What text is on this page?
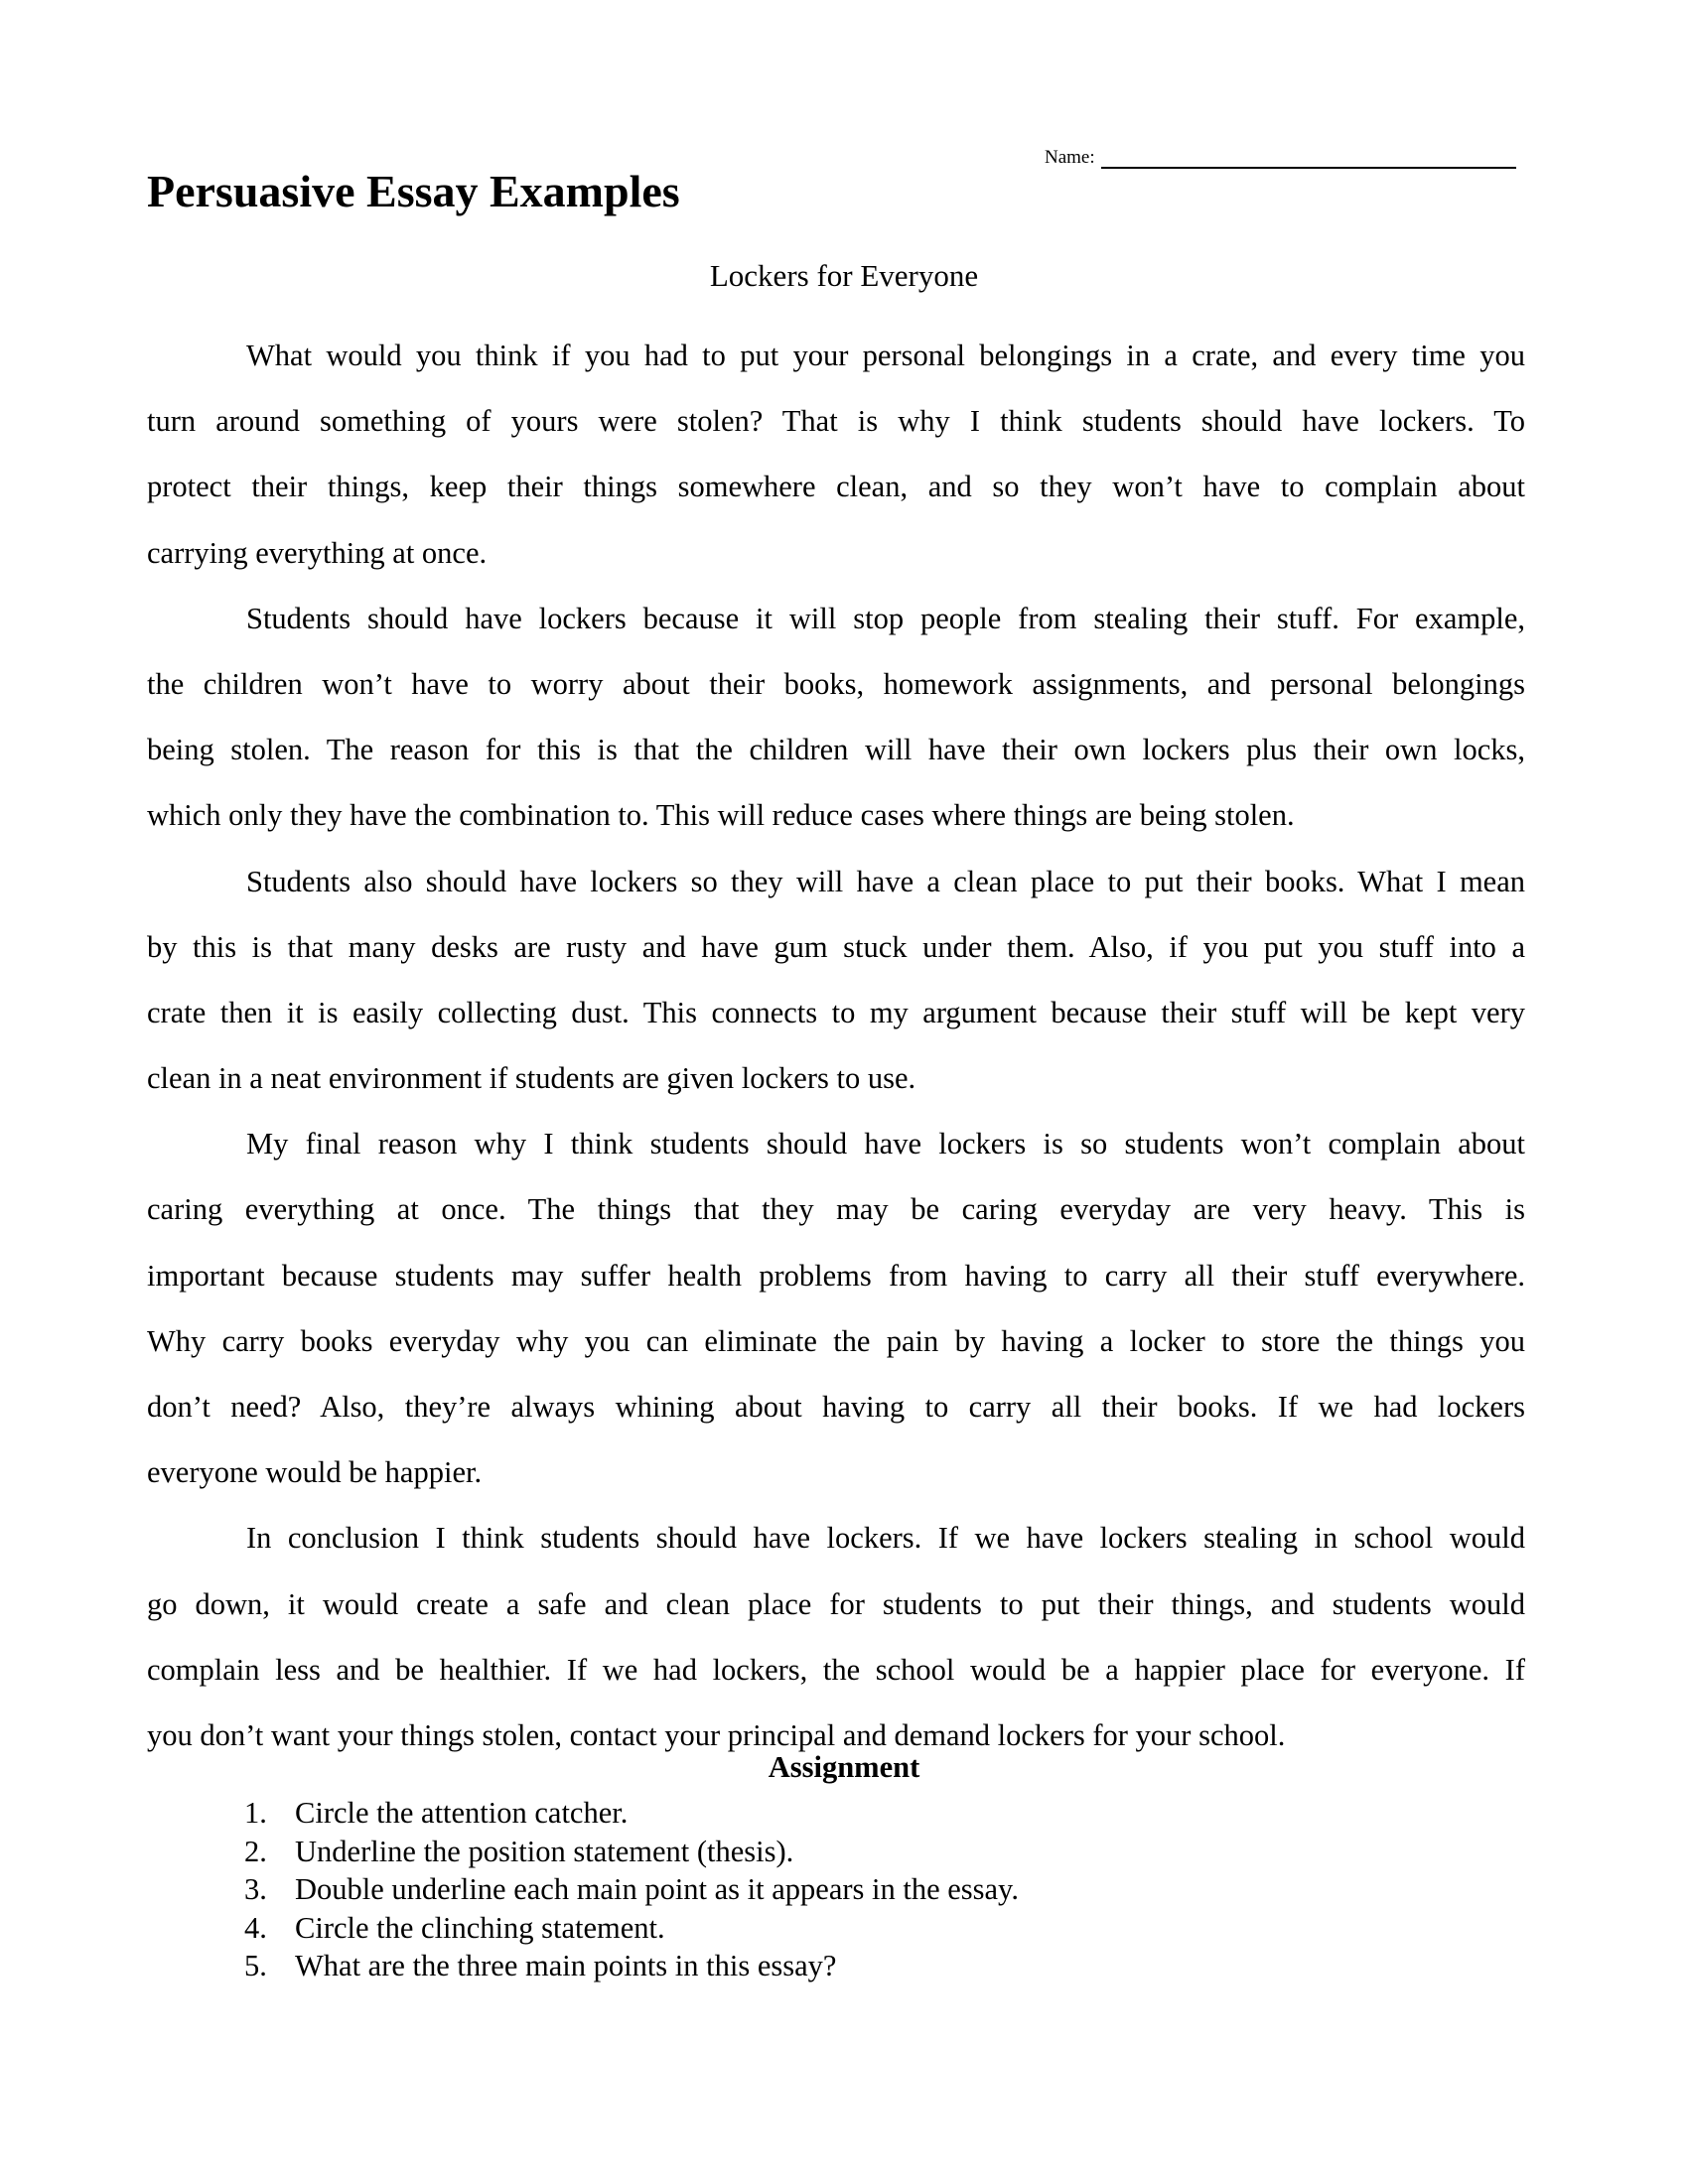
Name:
Persuasive Essay Examples
Lockers for Everyone
What would you think if you had to put your personal belongings in a crate, and every time you
turn around something of yours were stolen? That is why I think students should have lockers. To
protect their things, keep their things somewhere clean, and so they won’t have to complain about
carrying everything at once.
Students should have lockers because it will stop people from stealing their stuff. For example,
the children won’t have to worry about their books, homework assignments, and personal belongings
being stolen. The reason for this is that the children will have their own lockers plus their own locks,
which only they have the combination to. This will reduce cases where things are being stolen.
Students also should have lockers so they will have a clean place to put their books. What I mean
by this is that many desks are rusty and have gum stuck under them. Also, if you put you stuff into a
crate then it is easily collecting dust. This connects to my argument because their stuff will be kept very
clean in a neat environment if students are given lockers to use.
My final reason why I think students should have lockers is so students won’t complain about
caring everything at once. The things that they may be caring everyday are very heavy. This is
important because students may suffer health problems from having to carry all their stuff everywhere.
Why carry books everyday why you can eliminate the pain by having a locker to store the things you
don’t need? Also, they’re always whining about having to carry all their books. If we had lockers
everyone would be happier.
In conclusion I think students should have lockers. If we have lockers stealing in school would
go down, it would create a safe and clean place for students to put their things, and students would
complain less and be healthier. If we had lockers, the school would be a happier place for everyone. If
you don’t want your things stolen, contact your principal and demand lockers for your school.
Assignment
1. Circle the attention catcher.
2. Underline the position statement (thesis).
3. Double underline each main point as it appears in the essay.
4. Circle the clinching statement.
5. What are the three main points in this essay?
